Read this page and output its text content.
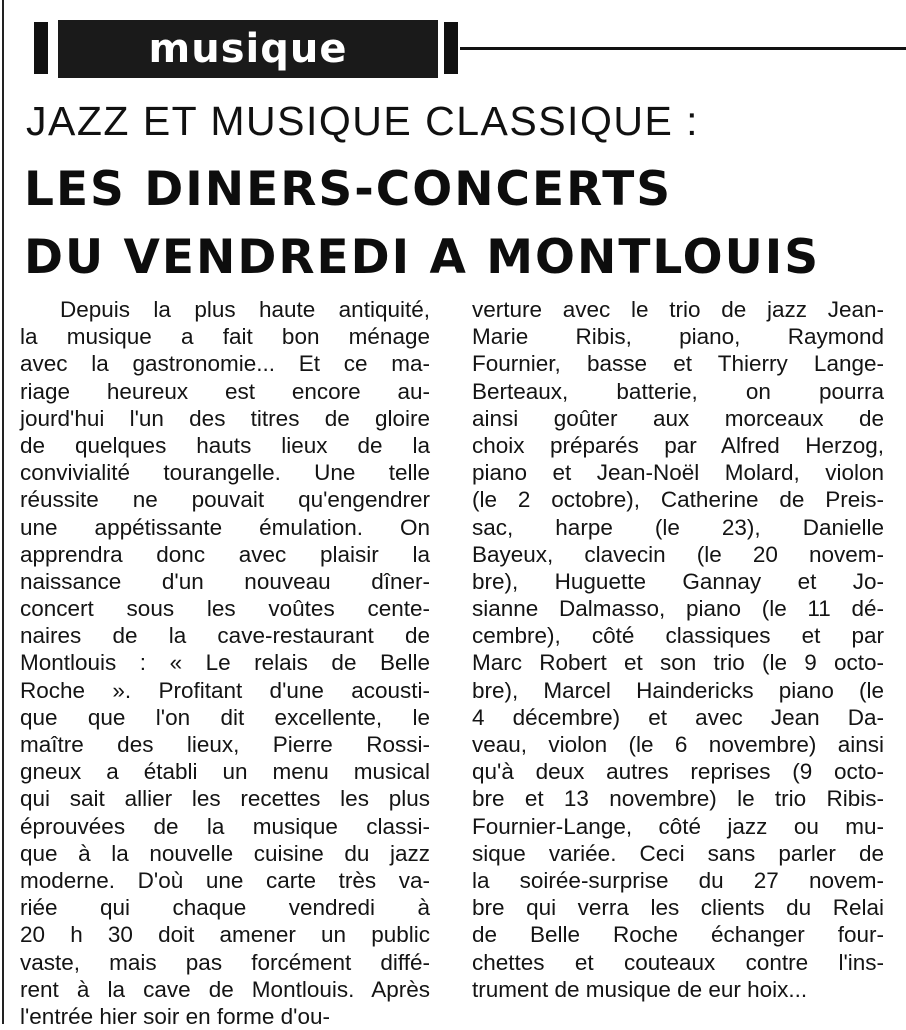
musique
JAZZ ET MUSIQUE CLASSIQUE :
LES DINERS-CONCERTS
DU VENDREDI A MONTLOUIS
Depuis la plus haute antiquité,
la musique a fait bon ménage
avec la gastronomie... Et ce ma-
riage heureux est encore au-
jourd'hui l'un des titres de gloire
de quelques hauts lieux de la
convivialité tourangelle. Une telle
réussite ne pouvait qu'engendrer
une appétissante émulation. On
apprendra donc avec plaisir la
naissance d'un nouveau dîner-
concert sous les voûtes cente-
naires de la cave-restaurant de
Montlouis : « Le relais de Belle
Roche ». Profitant d'une acousti-
que que l'on dit excellente, le
maître des lieux, Pierre Rossi-
gneux a établi un menu musical
qui sait allier les recettes les plus
éprouvées de la musique classi-
que à la nouvelle cuisine du jazz
moderne. D'où une carte très va-
riée qui chaque vendredi à
20 h 30 doit amener un public
vaste, mais pas forcément diffé-
rent à la cave de Montlouis. Après
l'entrée hier soir en forme d'ou-
verture avec le trio de jazz Jean-
Marie Ribis, piano, Raymond
Fournier, basse et Thierry Lange-
Berteaux, batterie, on pourra
ainsi goûter aux morceaux de
choix préparés par Alfred Herzog,
piano et Jean-Noël Molard, violon
(le 2 octobre), Catherine de Preis-
sac, harpe (le 23), Danielle
Bayeux, clavecin (le 20 novem-
bre), Huguette Gannay et Jo-
sianne Dalmasso, piano (le 11 dé-
cembre), côté classiques et par
Marc Robert et son trio (le 9 octo-
bre), Marcel Haindericks piano (le
4 décembre) et avec Jean Da-
veau, violon (le 6 novembre) ainsi
qu'à deux autres reprises (9 octo-
bre et 13 novembre) le trio Ribis-
Fournier-Lange, côté jazz ou mu-
sique variée. Ceci sans parler de
la soirée-surprise du 27 novem-
bre qui verra les clients du Relai
de Belle Roche échanger four-
chettes et couteaux contre l'ins-
trument de musique de eur hoix...
